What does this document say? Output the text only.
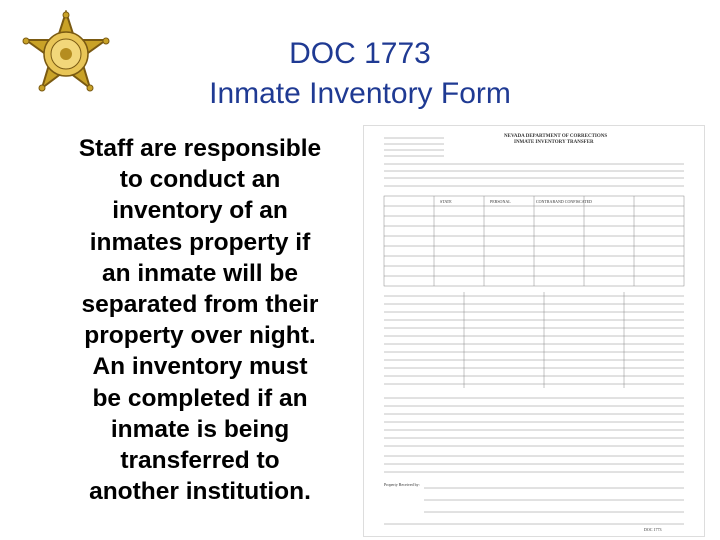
DOC 1773
Inmate Inventory Form
Staff are responsible
to conduct an
inventory of an
inmates property if
an inmate will be
separated from their
property over night.
An inventory must
be completed if an
inmate is being
transferred to
another institution.
NEVADA DEPARTMENT OF CORRECTIONS
INMATE INVENTORY TRANSFER
STATE	PERSONAL	CONTRABAND CONFISCATED
Property Received by:
DOC 1773
